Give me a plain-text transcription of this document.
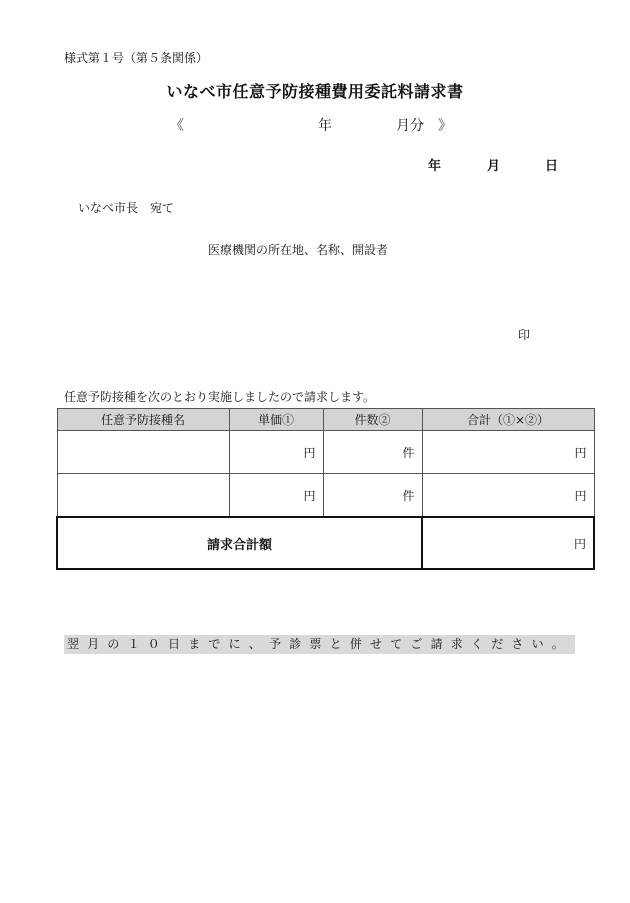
様式第１号（第５条関係）
いなべ市任意予防接種費用委託料請求書
《	年	月分 》
年	月	日
いなべ市長　宛て
医療機関の所在地、名称、開設者
印
任意予防接種を次のとおり実施しましたので請求します。
任意予防接種名	単価①	件数②	合計（①×②）
	円	件	円
	円	件	円
請求合計額			円
翌月の１０日までに、予診票と併せてご請求ください。
